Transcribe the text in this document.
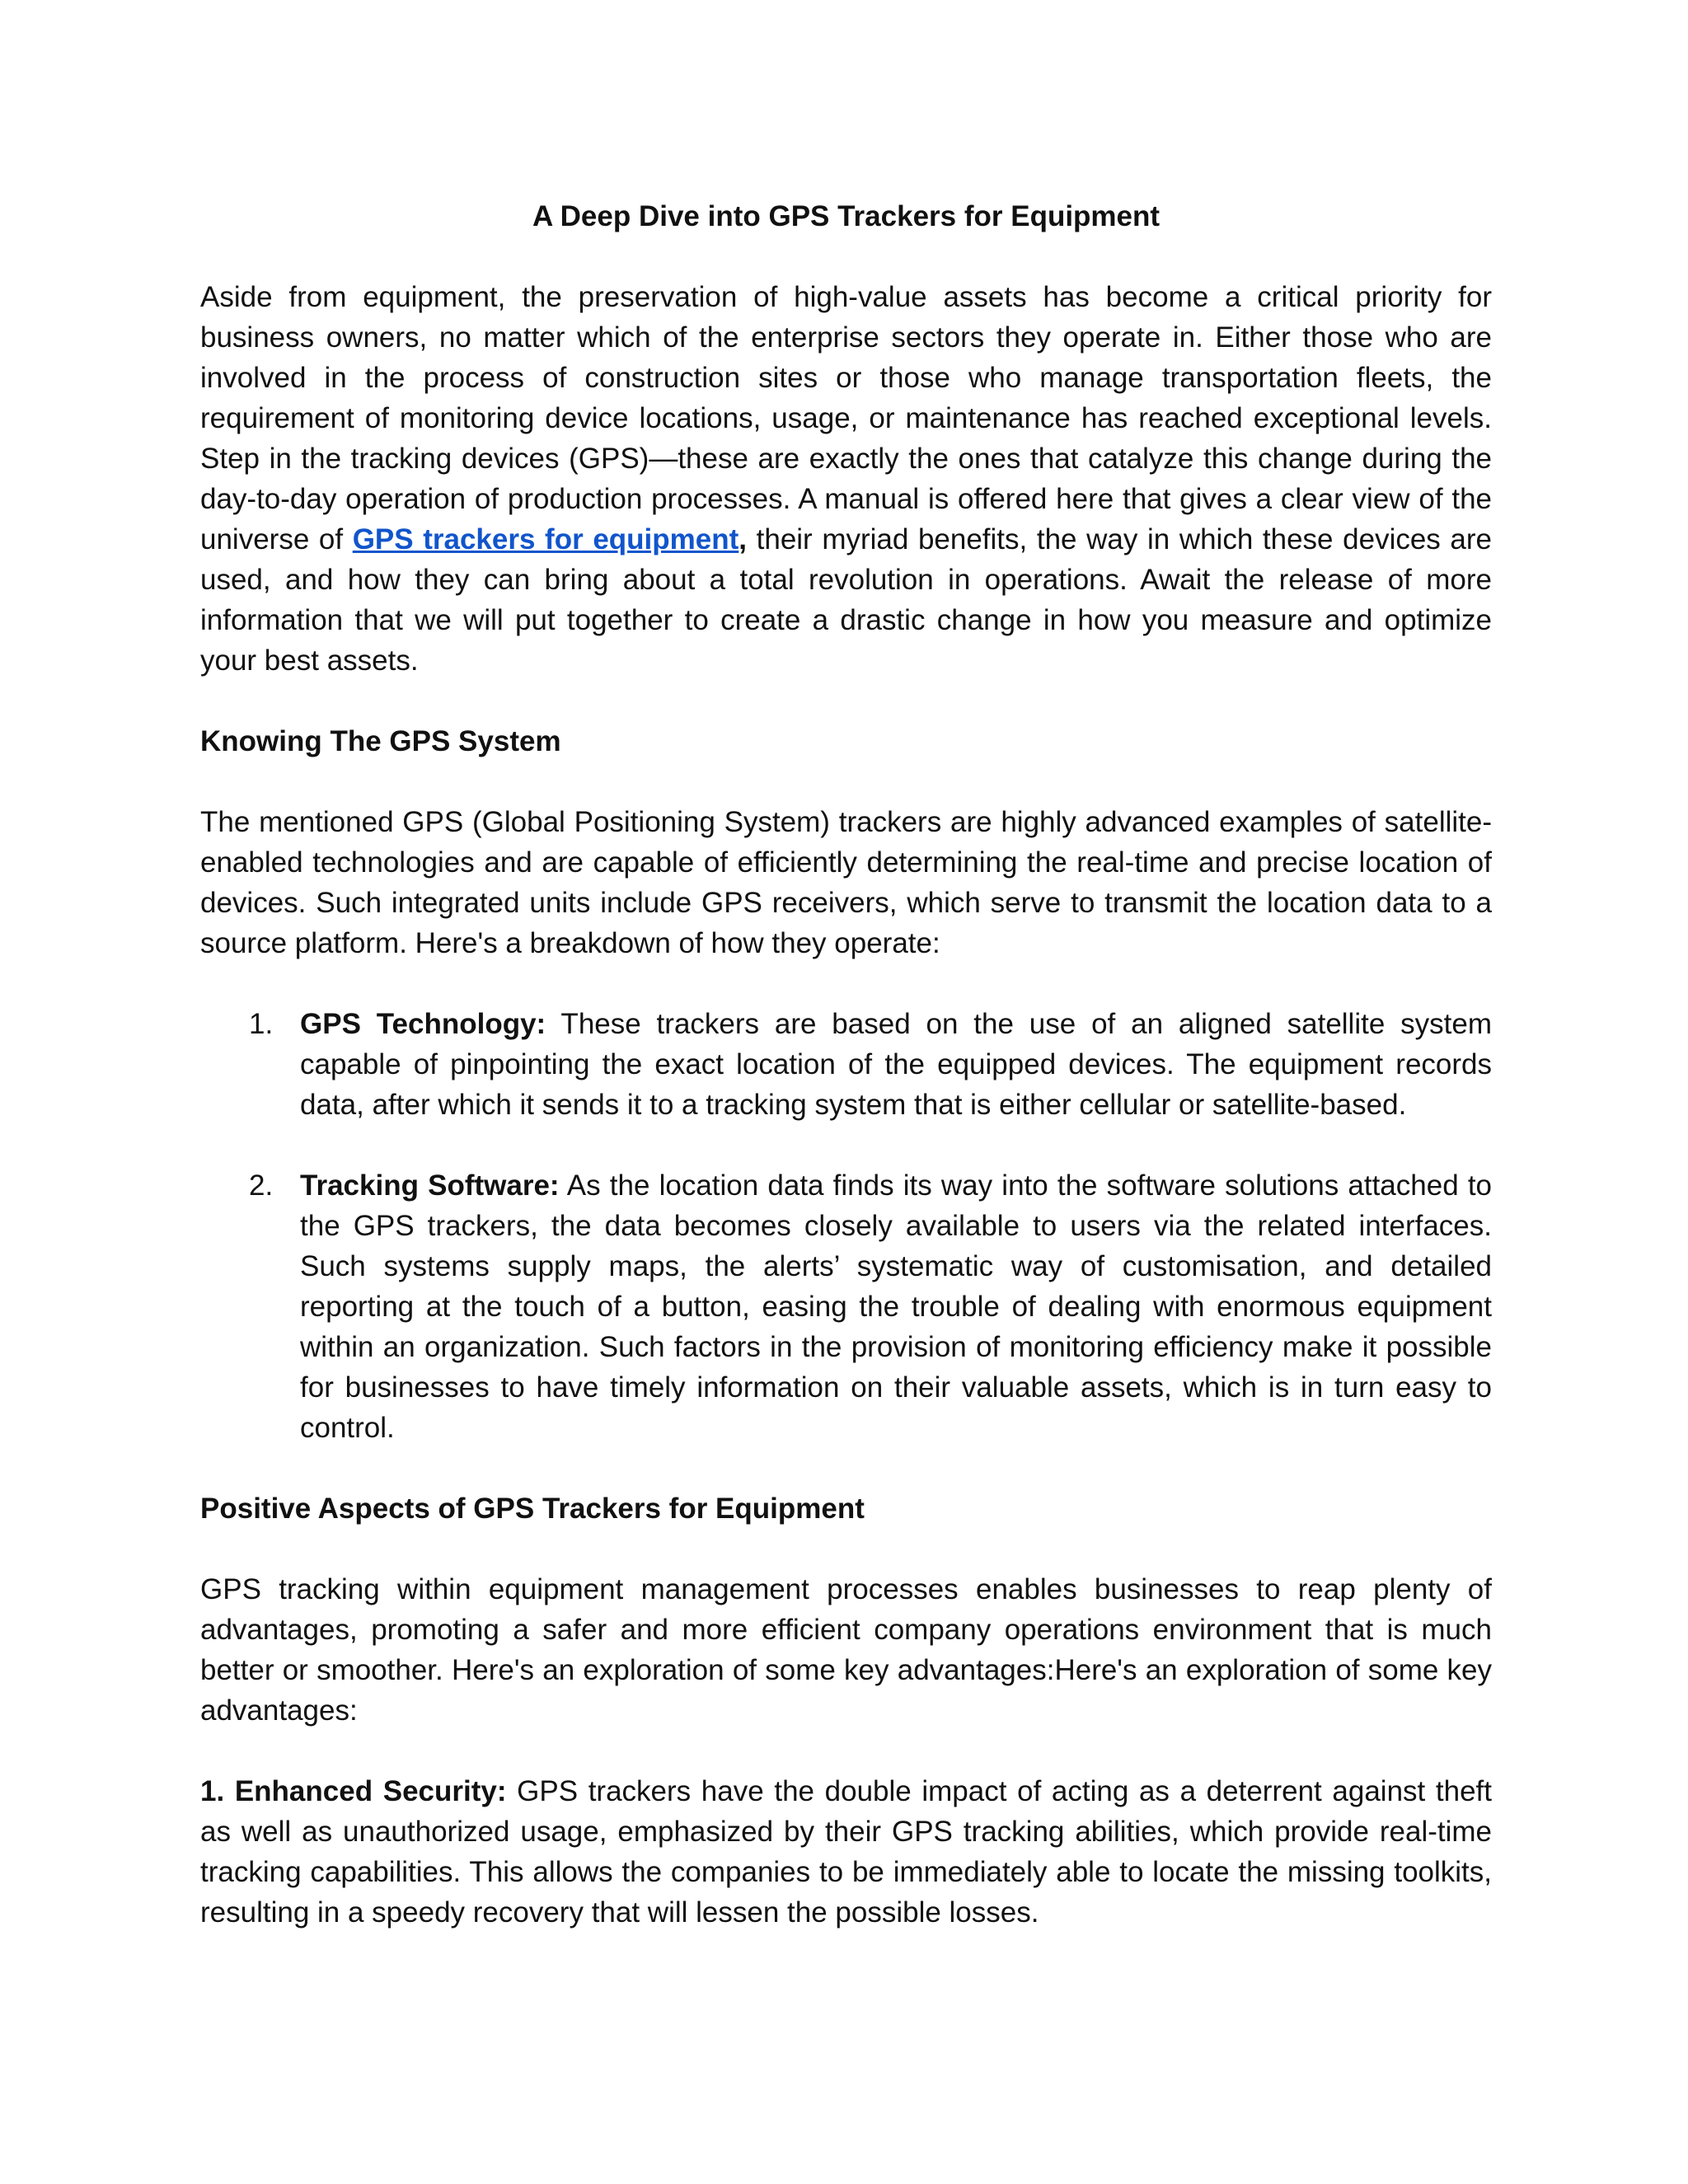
A Deep Dive into GPS Trackers for Equipment

Aside from equipment, the preservation of high-value assets has become a critical priority for business owners, no matter which of the enterprise sectors they operate in. Either those who are involved in the process of construction sites or those who manage transportation fleets, the requirement of monitoring device locations, usage, or maintenance has reached exceptional levels. Step in the tracking devices (GPS)—these are exactly the ones that catalyze this change during the day-to-day operation of production processes. A manual is offered here that gives a clear view of the universe of GPS trackers for equipment, their myriad benefits, the way in which these devices are used, and how they can bring about a total revolution in operations. Await the release of more information that we will put together to create a drastic change in how you measure and optimize your best assets.

Knowing The GPS System

The mentioned GPS (Global Positioning System) trackers are highly advanced examples of satellite-enabled technologies and are capable of efficiently determining the real-time and precise location of devices. Such integrated units include GPS receivers, which serve to transmit the location data to a source platform. Here's a breakdown of how they operate:

1. GPS Technology: These trackers are based on the use of an aligned satellite system capable of pinpointing the exact location of the equipped devices. The equipment records data, after which it sends it to a tracking system that is either cellular or satellite-based.
2. Tracking Software: As the location data finds its way into the software solutions attached to the GPS trackers, the data becomes closely available to users via the related interfaces. Such systems supply maps, the alerts’ systematic way of customisation, and detailed reporting at the touch of a button, easing the trouble of dealing with enormous equipment within an organization. Such factors in the provision of monitoring efficiency make it possible for businesses to have timely information on their valuable assets, which is in turn easy to control.
Positive Aspects of GPS Trackers for Equipment

GPS tracking within equipment management processes enables businesses to reap plenty of advantages, promoting a safer and more efficient company operations environment that is much better or smoother. Here's an exploration of some key advantages:Here's an exploration of some key advantages:

1. Enhanced Security: GPS trackers have the double impact of acting as a deterrent against theft as well as unauthorized usage, emphasized by their GPS tracking abilities, which provide real-time tracking capabilities. This allows the companies to be immediately able to locate the missing toolkits, resulting in a speedy recovery that will lessen the possible losses.
